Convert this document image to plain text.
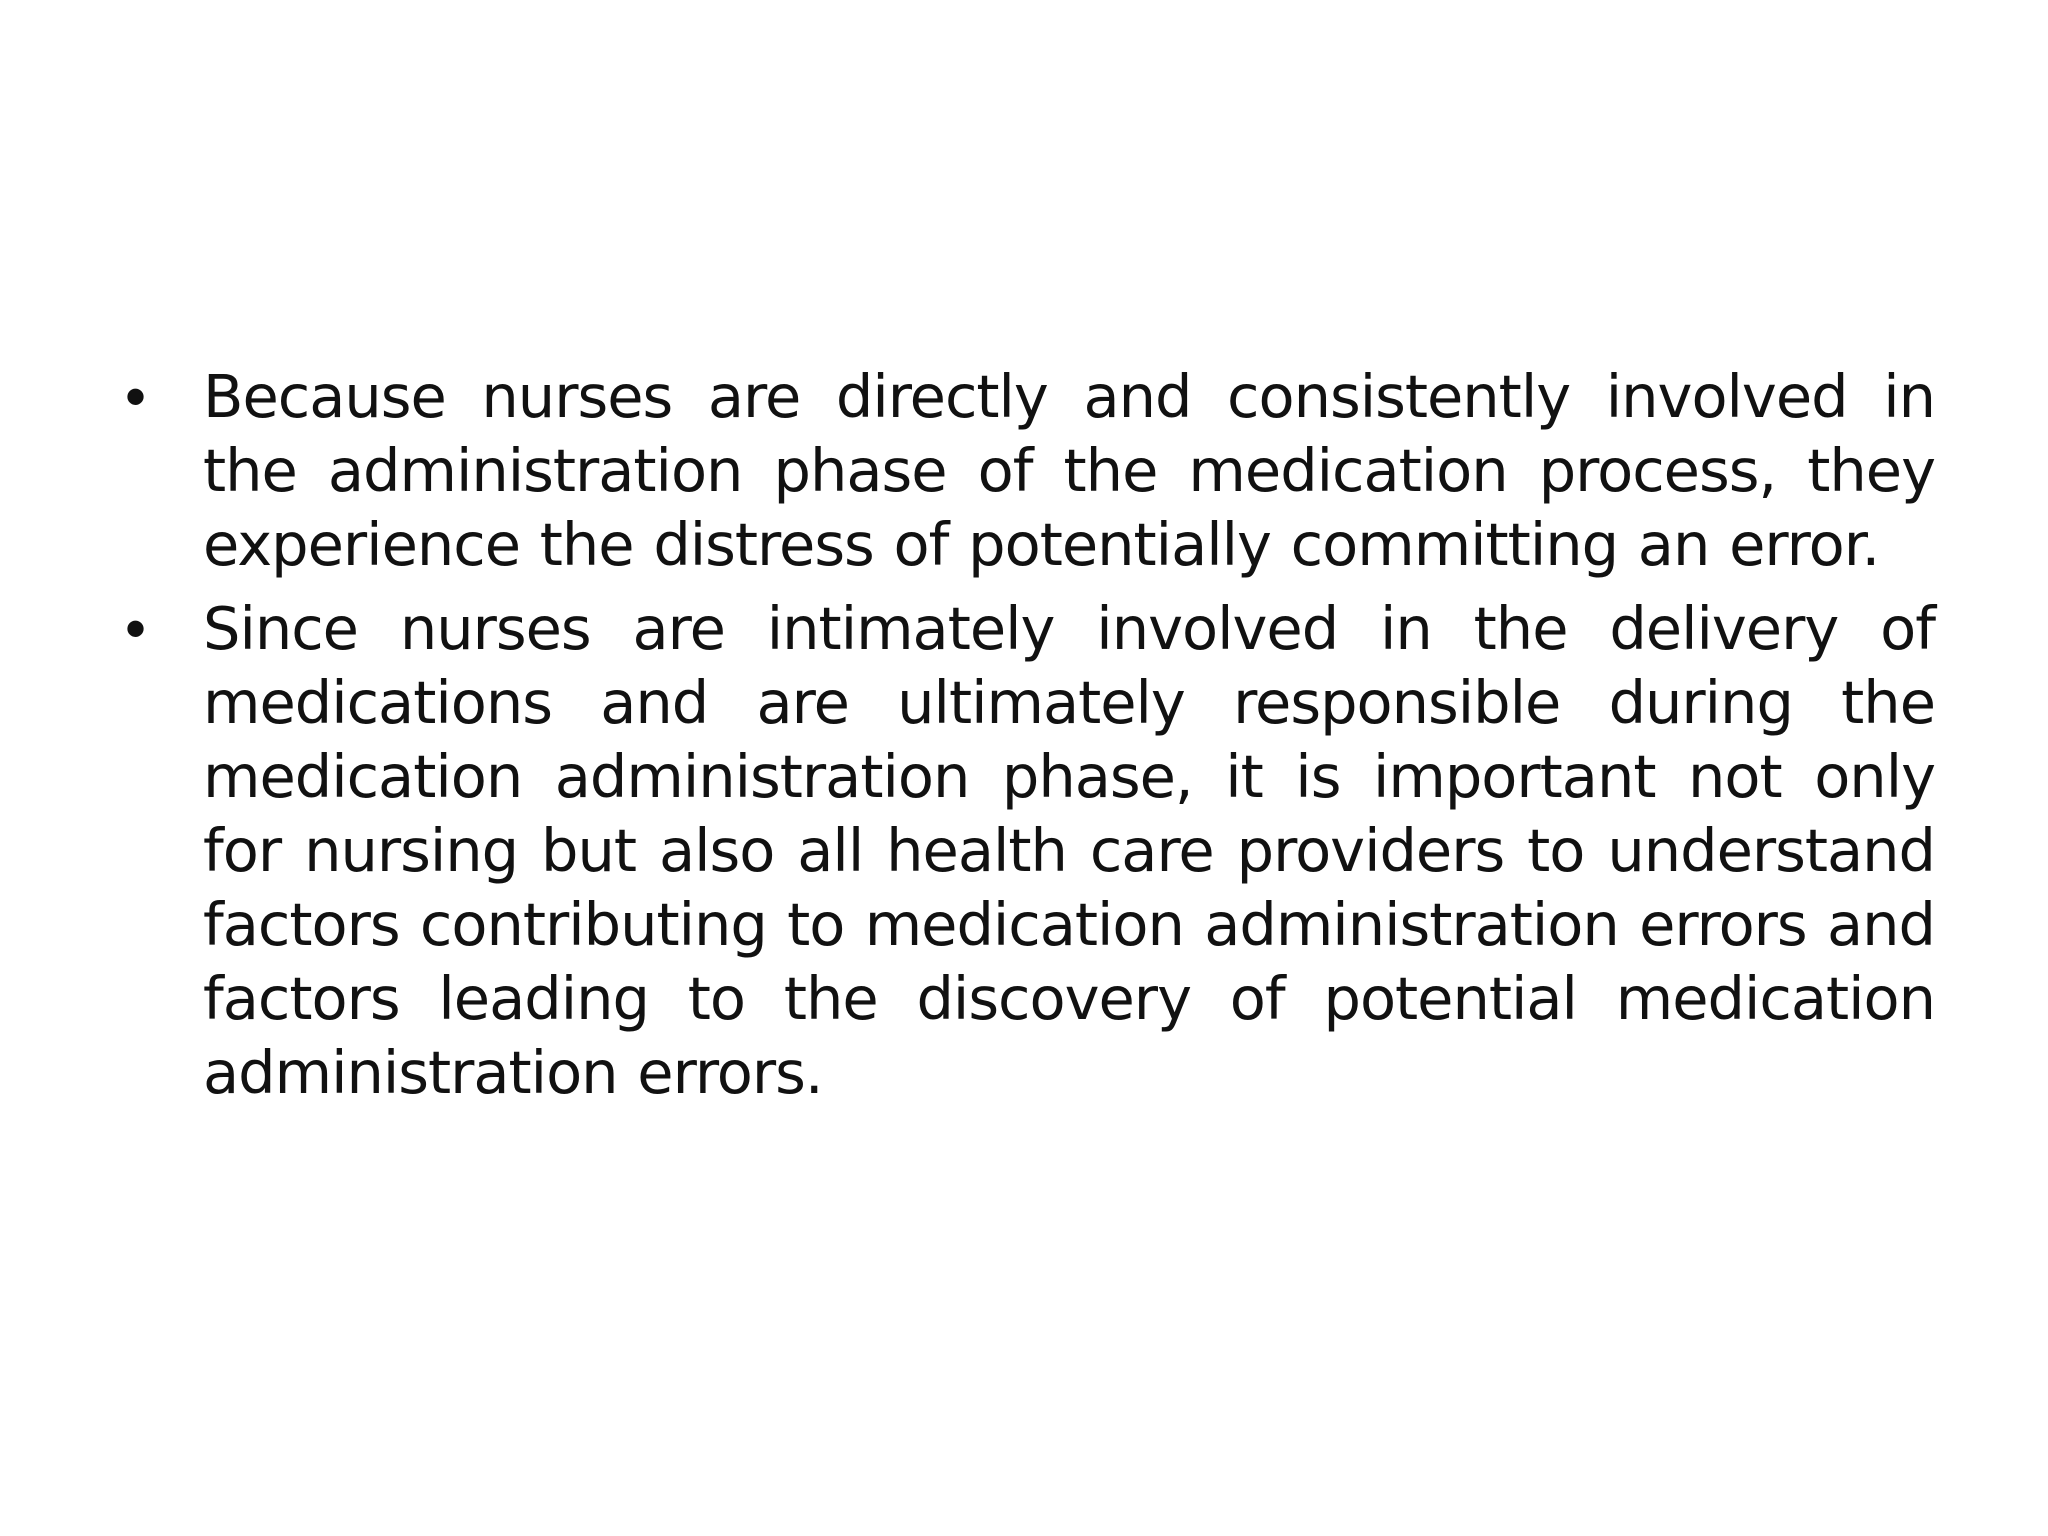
• Because nurses are directly and consistently involved in the administration phase of the medication process, they experience the distress of potentially committing an error.
• Since nurses are intimately involved in the delivery of medications and are ultimately responsible during the medication administration phase, it is important not only for nursing but also all health care providers to understand factors contributing to medication administration errors and factors leading to the discovery of potential medication administration errors.
